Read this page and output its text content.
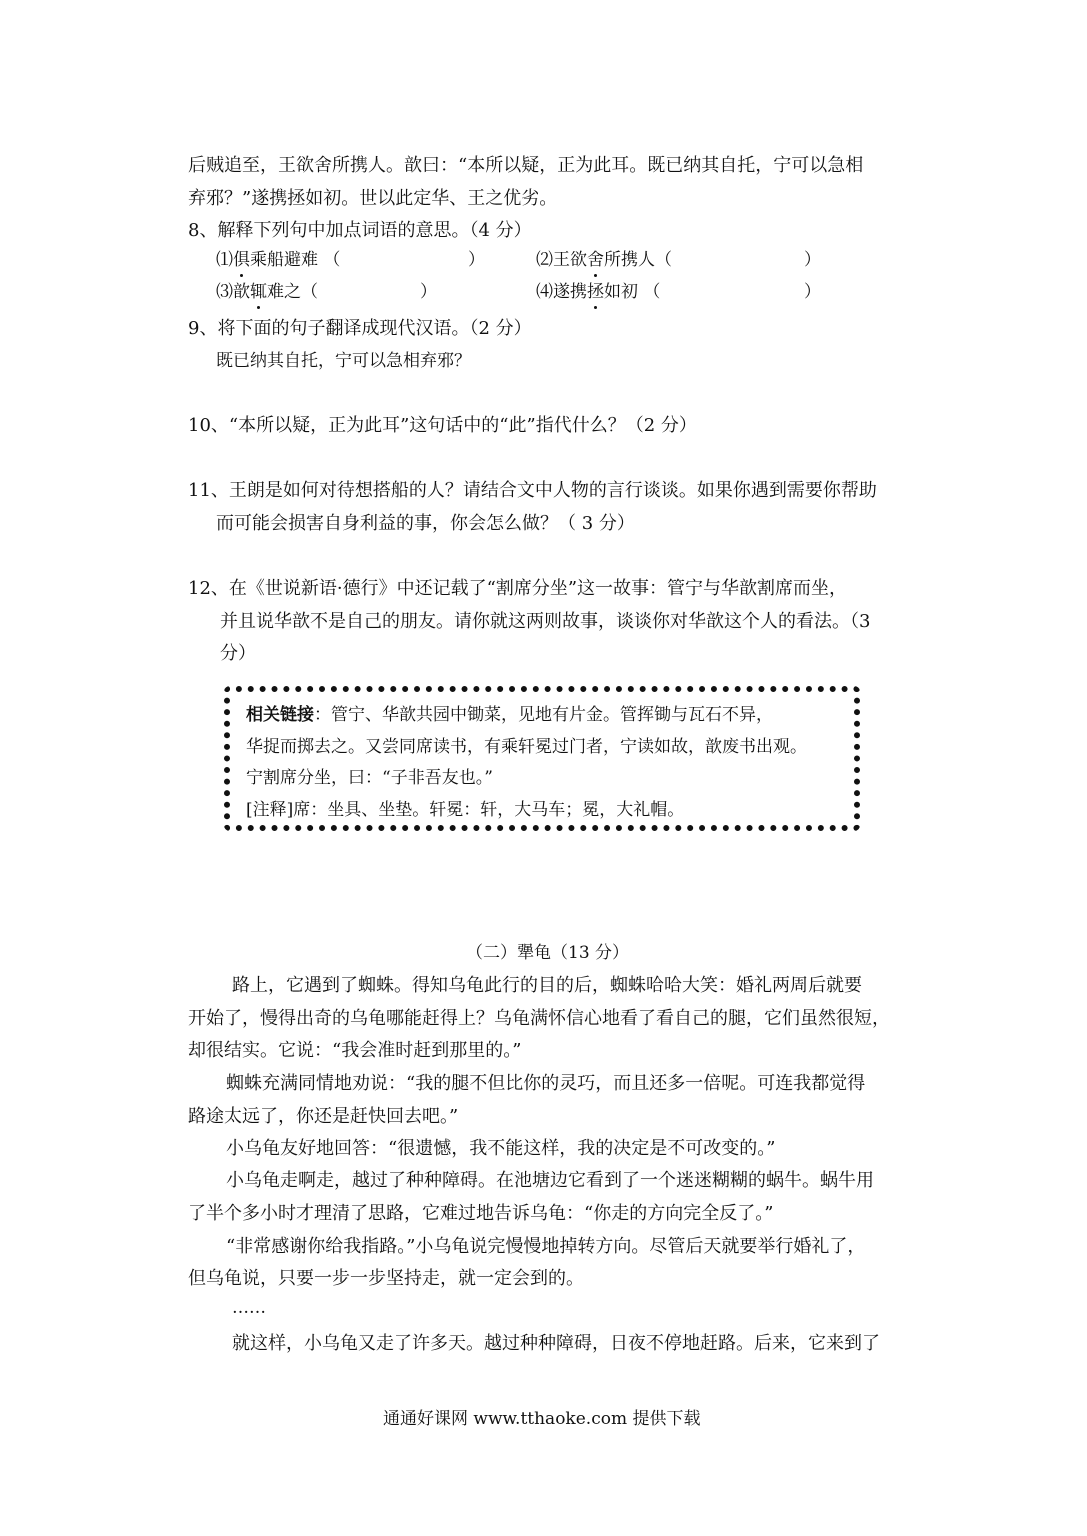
后贼追至，王欲舍所携人。歆曰：“本所以疑，正为此耳。既已纳其自托，宁可以急相
弃邪？”遂携拯如初。世以此定华、王之优劣。
8、解释下列句中加点词语的意思。（4 分）
⑴俱乘船避难 （	）	⑵王欲舍所携人（	）
⑶歆辄难之（	）	⑷遂携拯如初 （	）
9、将下面的句子翻译成现代汉语。（2 分）
既已纳其自托，宁可以急相弃邪？
10、“本所以疑，正为此耳”这句话中的“此”指代什么？（2 分）
11、王朗是如何对待想搭船的人？请结合文中人物的言行谈谈。如果你遇到需要你帮助
而可能会损害自身利益的事，你会怎么做？（ 3 分）
12、在《世说新语·德行》中还记载了“割席分坐”这一故事：管宁与华歆割席而坐，
并且说华歆不是自己的朋友。请你就这两则故事，谈谈你对华歆这个人的看法。（3
分）
相关链接：管宁、华歆共园中锄菜，见地有片金。管挥锄与瓦石不异，
华捉而掷去之。又尝同席读书，有乘轩冕过门者，宁读如故，歆废书出观。
宁割席分坐，曰：“子非吾友也。”
[注释]席：坐具、坐垫。轩冕：轩，大马车；冕，大礼帽。
（二）犟龟（13 分）
路上，它遇到了蜘蛛。得知乌龟此行的目的后，蜘蛛哈哈大笑：婚礼两周后就要
开始了，慢得出奇的乌龟哪能赶得上？乌龟满怀信心地看了看自己的腿，它们虽然很短，
却很结实。它说：“我会准时赶到那里的。”
蜘蛛充满同情地劝说：“我的腿不但比你的灵巧，而且还多一倍呢。可连我都觉得
路途太远了，你还是赶快回去吧。”
小乌龟友好地回答：“很遗憾，我不能这样，我的决定是不可改变的。”
小乌龟走啊走，越过了种种障碍。在池塘边它看到了一个迷迷糊糊的蜗牛。蜗牛用
了半个多小时才理清了思路，它难过地告诉乌龟：“你走的方向完全反了。”
“非常感谢你给我指路。”小乌龟说完慢慢地掉转方向。尽管后天就要举行婚礼了，
但乌龟说，只要一步一步坚持走，就一定会到的。
……
就这样，小乌龟又走了许多天。越过种种障碍，日夜不停地赶路。后来，它来到了
通通好课网 www.tthaoke.com 提供下载
